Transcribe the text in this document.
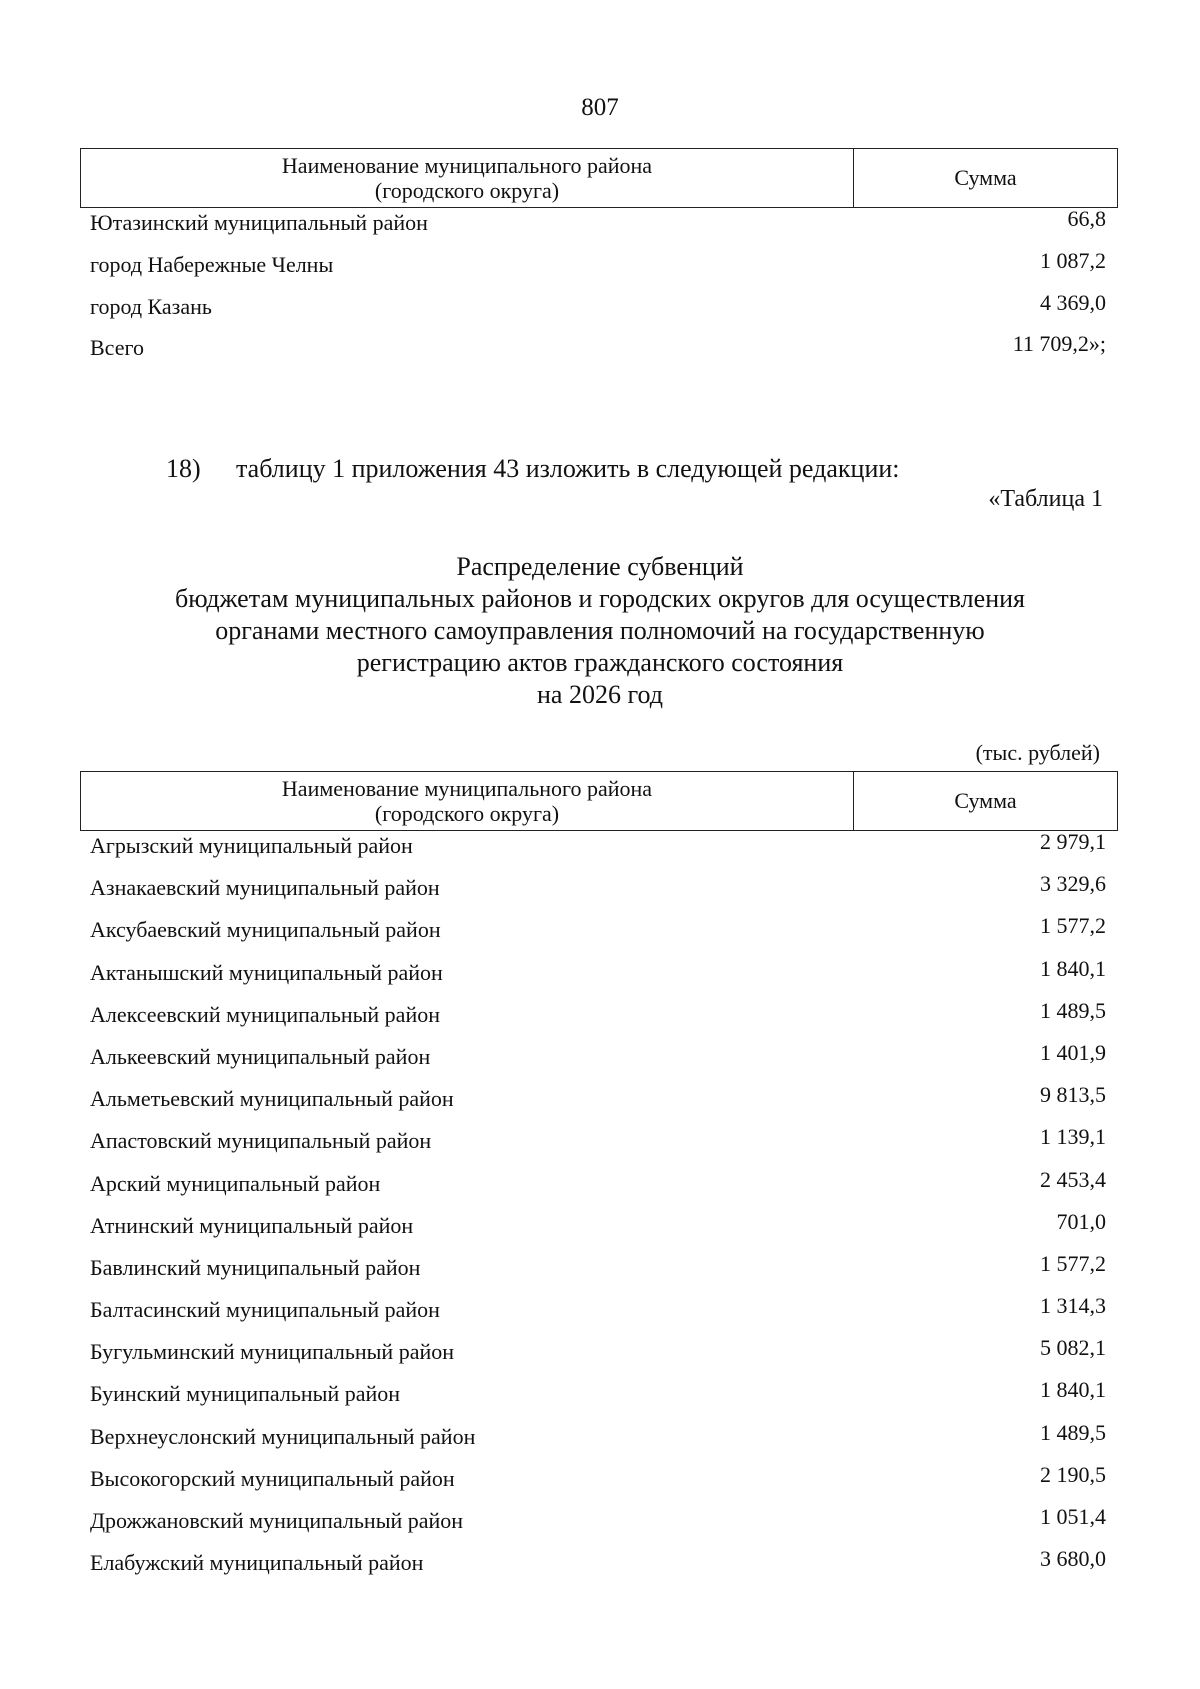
807
Наименование муниципального района
(городского округа)
Сумма
Ютазинский муниципальный район	66,8
город Набережные Челны	1 087,2
город Казань	4 369,0
Всего	11 709,2»;
18) таблицу 1 приложения 43 изложить в следующей редакции:
«Таблица 1
Распределение субвенций
бюджетам муниципальных районов и городских округов для осуществления
органами местного самоуправления полномочий на государственную
регистрацию актов гражданского состояния
на 2026 год
(тыс. рублей)
Наименование муниципального района
(городского округа)
Сумма
Агрызский муниципальный район	2 979,1
Азнакаевский муниципальный район	3 329,6
Аксубаевский муниципальный район	1 577,2
Актанышский муниципальный район	1 840,1
Алексеевский муниципальный район	1 489,5
Алькеевский муниципальный район	1 401,9
Альметьевский муниципальный район	9 813,5
Апастовский муниципальный район	1 139,1
Арский муниципальный район	2 453,4
Атнинский муниципальный район	701,0
Бавлинский муниципальный район	1 577,2
Балтасинский муниципальный район	1 314,3
Бугульминский муниципальный район	5 082,1
Буинский муниципальный район	1 840,1
Верхнеуслонский муниципальный район	1 489,5
Высокогорский муниципальный район	2 190,5
Дрожжановский муниципальный район	1 051,4
Елабужский муниципальный район	3 680,0
